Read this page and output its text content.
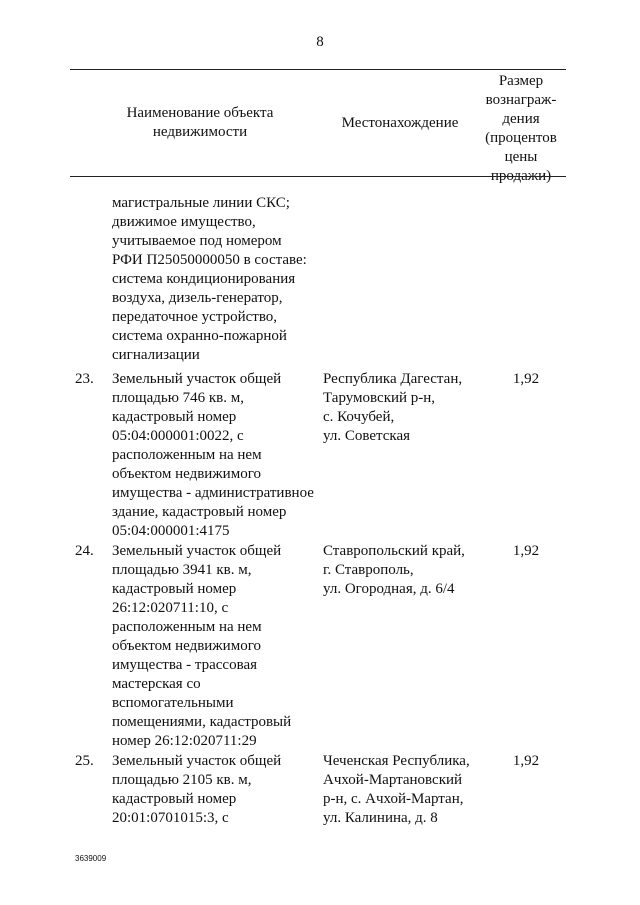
8
Наименование объекта
недвижимости
Местонахождение
Размер
вознаграж-
дения
(процентов
цены
продажи)
магистральные линии СКС;
движимое имущество,
учитываемое под номером
РФИ П25050000050 в составе:
система кондиционирования
воздуха, дизель-генератор,
передаточное устройство,
система охранно-пожарной
сигнализации
23. Земельный участок общей
площадью 746 кв. м,
кадастровый номер
05:04:000001:0022, с
расположенным на нем
объектом недвижимого
имущества - административное
здание, кадастровый номер
05:04:000001:4175
Республика Дагестан,
Тарумовский р-н,
с. Кочубей,
ул. Советская
1,92
24. Земельный участок общей
площадью 3941 кв. м,
кадастровый номер
26:12:020711:10, с
расположенным на нем
объектом недвижимого
имущества - трассовая
мастерская со
вспомогательными
помещениями, кадастровый
номер 26:12:020711:29
Ставропольский край,
г. Ставрополь,
ул. Огородная, д. 6/4
1,92
25. Земельный участок общей
площадью 2105 кв. м,
кадастровый номер
20:01:0701015:3, с
Чеченская Республика,
Ачхой-Мартановский
р-н, с. Ачхой-Мартан,
ул. Калинина, д. 8
1,92
3639009
